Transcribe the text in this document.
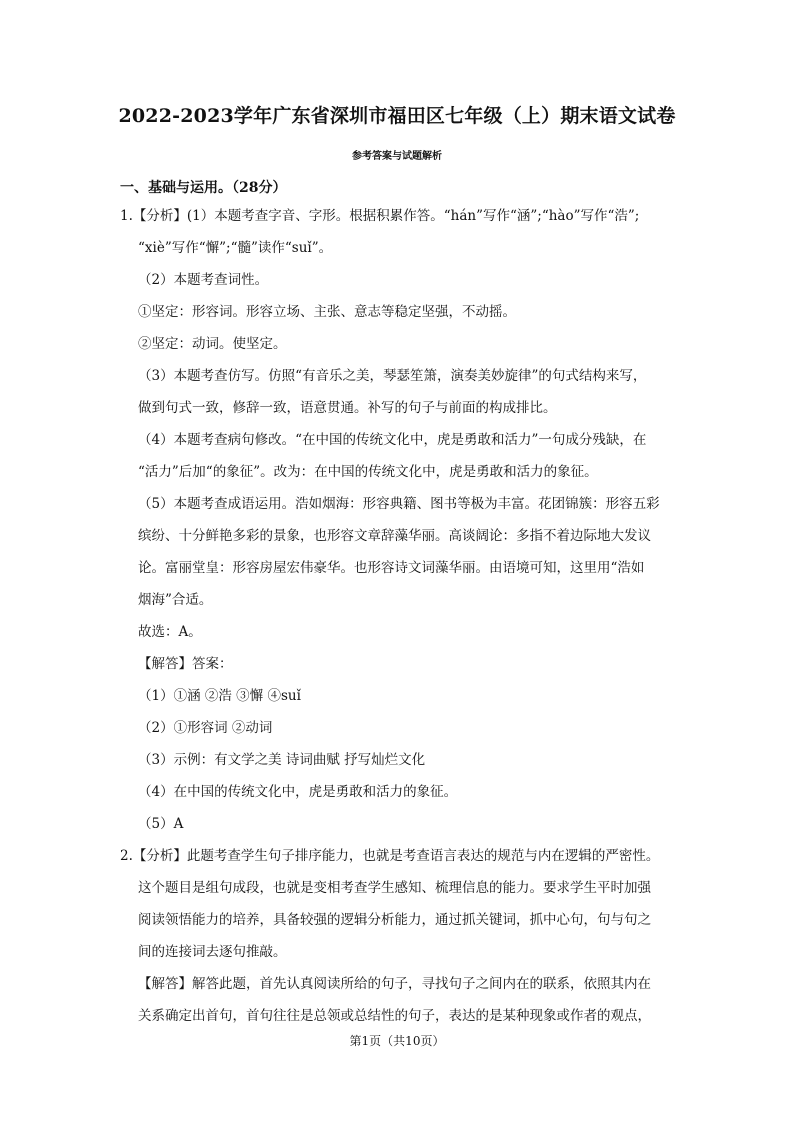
2022-2023学年广东省深圳市福田区七年级（上）期末语文试卷
参考答案与试题解析
一、基础与运用。（28分）
1.【分析】(1）本题考查字音、字形。根据积累作答。“hán”写作“涵”;“hào”写作“浩”;
“xiè”写作“懈”;“髓”读作“suǐ”。
（2）本题考查词性。
①坚定：形容词。形容立场、主张、意志等稳定坚强，不动摇。
②坚定：动词。使坚定。
（3）本题考查仿写。仿照“有音乐之美，琴瑟笙箫，演奏美妙旋律”的句式结构来写，
做到句式一致，修辞一致，语意贯通。补写的句子与前面的构成排比。
（4）本题考查病句修改。“在中国的传统文化中，虎是勇敢和活力”一句成分残缺，在
“活力”后加“的象征”。改为：在中国的传统文化中，虎是勇敢和活力的象征。
（5）本题考查成语运用。浩如烟海：形容典籍、图书等极为丰富。花团锦簇：形容五彩
缤纷、十分鲜艳多彩的景象，也形容文章辞藻华丽。高谈阔论：多指不着边际地大发议
论。富丽堂皇：形容房屋宏伟豪华。也形容诗文词藻华丽。由语境可知，这里用“浩如
烟海”合适。
故选：A。
【解答】答案：
（1）①涵 ②浩 ③懈 ④suǐ
（2）①形容词 ②动词
（3）示例：有文学之美 诗词曲赋 抒写灿烂文化
（4）在中国的传统文化中，虎是勇敢和活力的象征。
（5）A
2.【分析】此题考查学生句子排序能力，也就是考查语言表达的规范与内在逻辑的严密性。
这个题目是组句成段，也就是变相考查学生感知、梳理信息的能力。要求学生平时加强
阅读领悟能力的培养，具备较强的逻辑分析能力，通过抓关键词，抓中心句，句与句之
间的连接词去逐句推敲。
【解答】解答此题，首先认真阅读所给的句子，寻找句子之间内在的联系，依照其内在
关系确定出首句，首句往往是总领或总结性的句子，表达的是某种现象或作者的观点，
第1页（共10页）
